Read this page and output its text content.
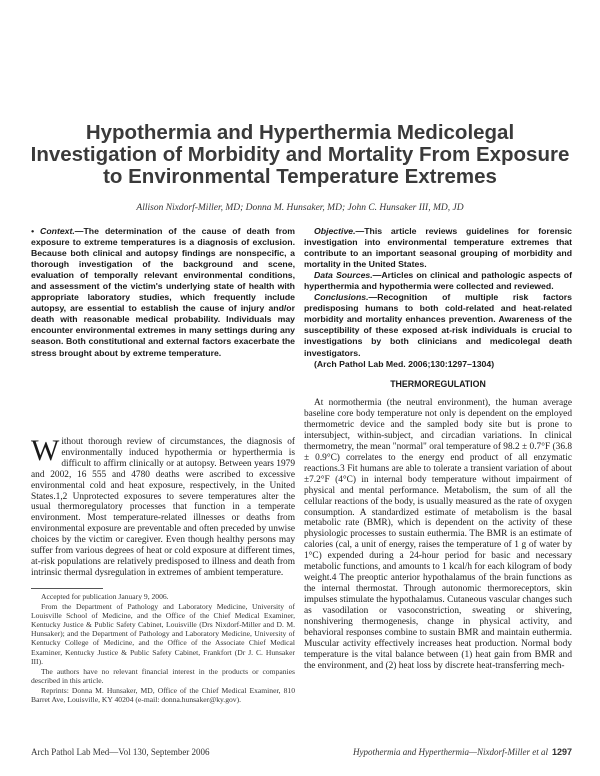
Hypothermia and Hyperthermia Medicolegal
Investigation of Morbidity and Mortality From Exposure
to Environmental Temperature Extremes
Allison Nixdorf-Miller, MD; Donna M. Hunsaker, MD; John C. Hunsaker III, MD, JD

• Context.—The determination of the cause of death from exposure to extreme temperatures is a diagnosis of exclusion. Because both clinical and autopsy findings are nonspecific, a thorough investigation of the background and scene, evaluation of temporally relevant environmental conditions, and assessment of the victim's underlying state of health with appropriate laboratory studies, which frequently include autopsy, are essential to establish the cause of injury and/or death with reasonable medical probability. Individuals may encounter environmental extremes in many settings during any season. Both constitutional and external factors exacerbate the stress brought about by extreme temperature.

Objective.—This article reviews guidelines for forensic investigation into environmental temperature extremes that contribute to an important seasonal grouping of morbidity and mortality in the United States.

Data Sources.—Articles on clinical and pathologic aspects of hyperthermia and hypothermia were collected and reviewed.

Conclusions.—Recognition of multiple risk factors predisposing humans to both cold-related and heat-related morbidity and mortality enhances prevention. Awareness of the susceptibility of these exposed at-risk individuals is crucial to investigations by both clinicians and medicolegal death investigators.

(Arch Pathol Lab Med. 2006;130:1297–1304)

Without thorough review of circumstances, the diagnosis of environmentally induced hypothermia or hyperthermia is difficult to affirm clinically or at autopsy. Between years 1979 and 2002, 16 555 and 4780 deaths were ascribed to excessive environmental cold and heat exposure, respectively, in the United States.1,2 Unprotected exposures to severe temperatures alter the usual thermoregulatory processes that function in a temperate environment. Most temperature-related illnesses or deaths from environmental exposure are preventable and often preceded by unwise choices by the victim or caregiver. Even though healthy persons may suffer from various degrees of heat or cold exposure at different times, at-risk populations are relatively predisposed to illness and death from intrinsic thermal dysregulation in extremes of ambient temperature.

THERMOREGULATION

At normothermia (the neutral environment), the human average baseline core body temperature not only is dependent on the employed thermometric device and the sampled body site but is prone to intersubject, within-subject, and circadian variations. In clinical thermometry, the mean "normal" oral temperature of 98.2 ± 0.7°F (36.8 ± 0.9°C) correlates to the energy end product of all enzymatic reactions.3 Fit humans are able to tolerate a transient variation of about ±7.2°F (4°C) in internal body temperature without impairment of physical and mental performance. Metabolism, the sum of all the cellular reactions of the body, is usually measured as the rate of oxygen consumption. A standardized estimate of metabolism is the basal metabolic rate (BMR), which is dependent on the activity of these physiologic processes to sustain euthermia. The BMR is an estimate of calories (cal, a unit of energy, raises the temperature of 1 g of water by 1°C) expended during a 24-hour period for basic and necessary metabolic functions, and amounts to 1 kcal/h for each kilogram of body weight.4 The preoptic anterior hypothalamus of the brain functions as the internal thermostat. Through autonomic thermoreceptors, skin impulses stimulate the hypothalamus. Cutaneous vascular changes such as vasodilation or vasoconstriction, sweating or shivering, nonshivering thermogenesis, change in physical activity, and behavioral responses combine to sustain BMR and maintain euthermia. Muscular activity effectively increases heat production. Normal body temperature is the vital balance between (1) heat gain from BMR and the environment, and (2) heat loss by discrete heat-transferring mech-

Accepted for publication January 9, 2006.

From the Department of Pathology and Laboratory Medicine, University of Louisville School of Medicine, and the Office of the Chief Medical Examiner, Kentucky Justice & Public Safety Cabinet, Louisville (Drs Nixdorf-Miller and D. M. Hunsaker); and the Department of Pathology and Laboratory Medicine, University of Kentucky College of Medicine, and the Office of the Associate Chief Medical Examiner, Kentucky Justice & Public Safety Cabinet, Frankfort (Dr J. C. Hunsaker III).

The authors have no relevant financial interest in the products or companies described in this article.

Reprints: Donna M. Hunsaker, MD, Office of the Chief Medical Examiner, 810 Barret Ave, Louisville, KY 40204 (e-mail: donna.hunsaker@ky.gov).

Arch Pathol Lab Med—Vol 130, September 2006	Hypothermia and Hyperthermia—Nixdorf-Miller et al 1297
